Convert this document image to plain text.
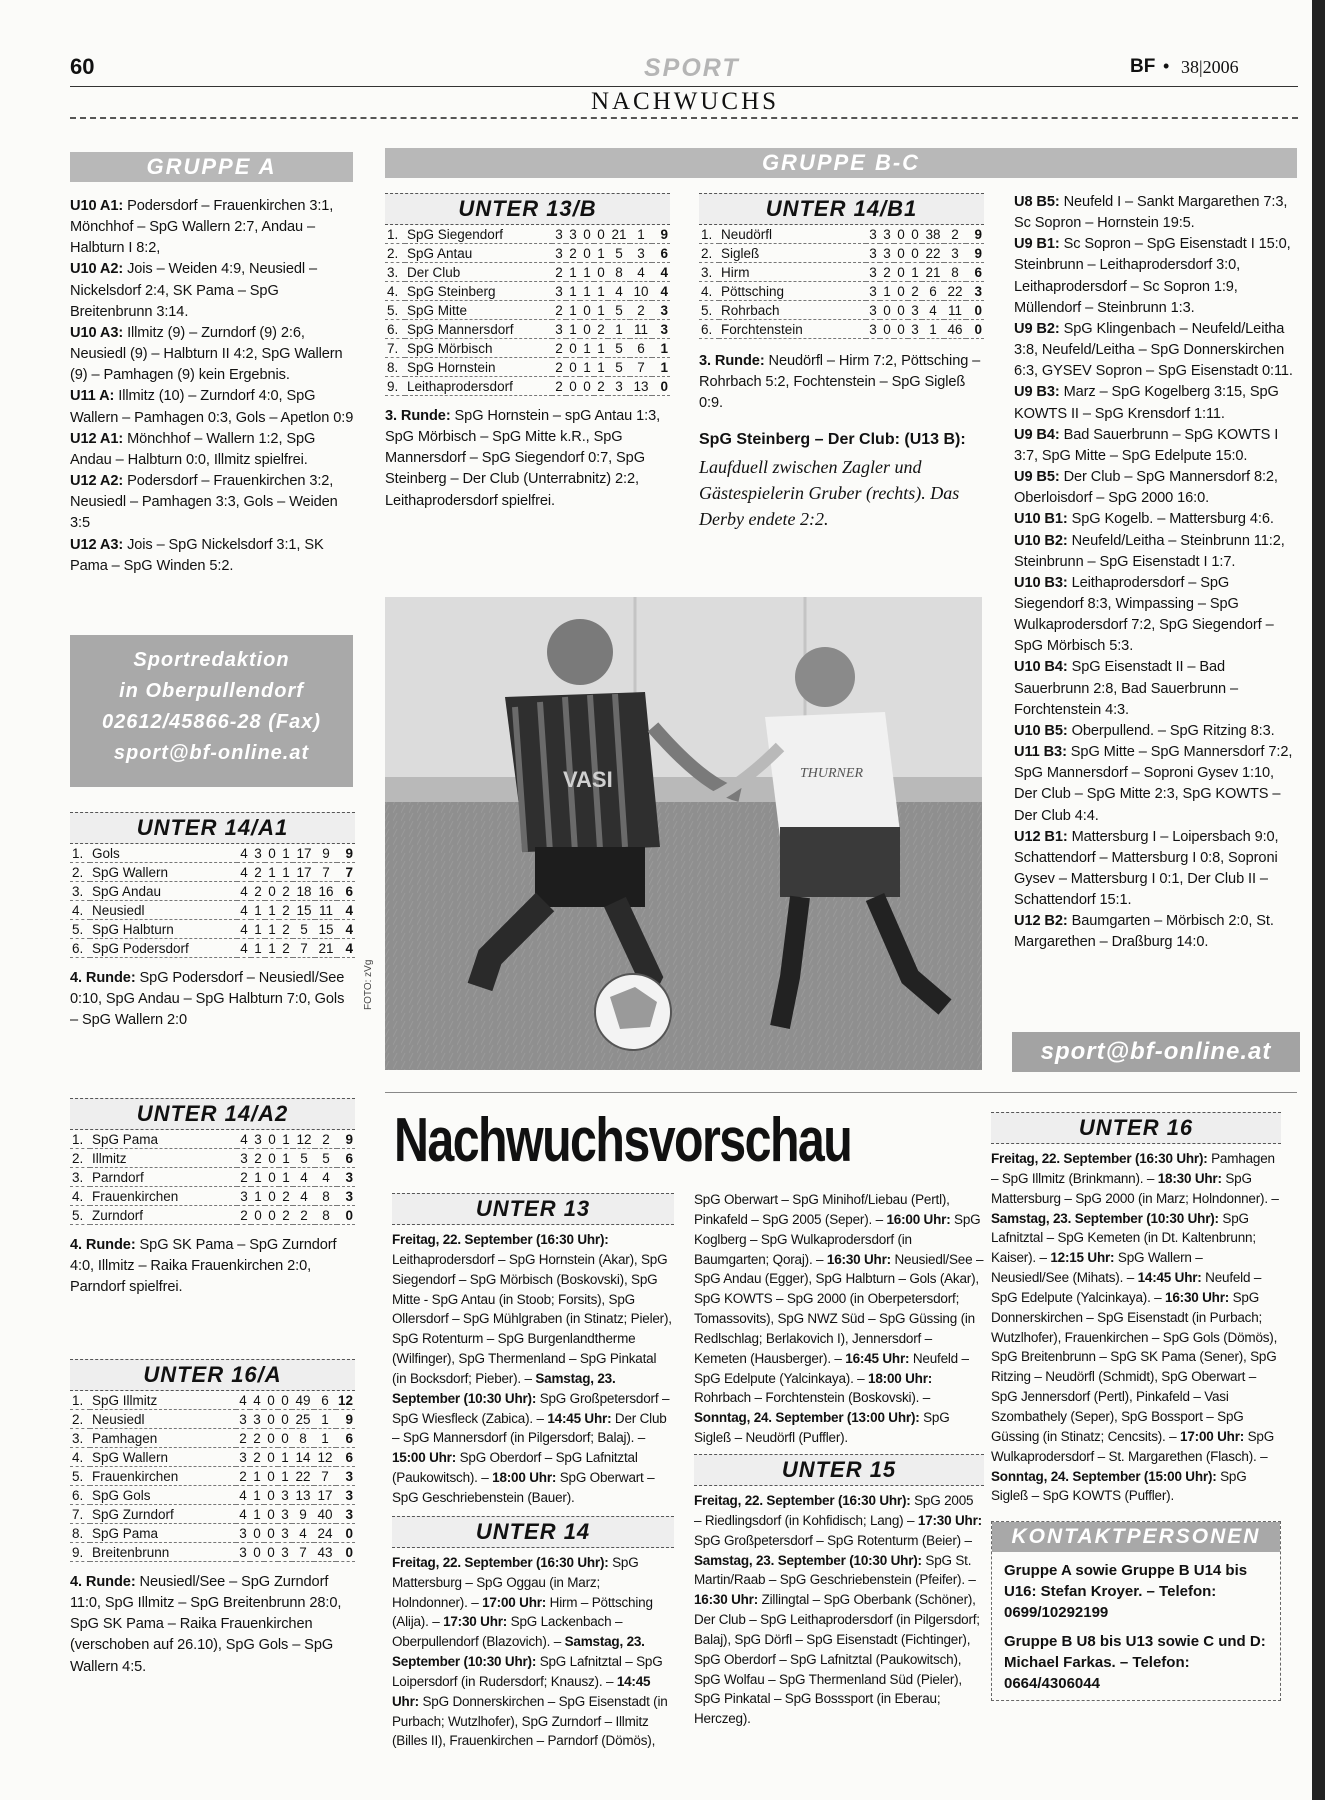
60	SPORT	BF • 38|2006
NACHWUCHS
GRUPPE A

U10 A1: Podersdorf – Frauenkirchen 3:1, Mönchhof – SpG Wallern 2:7, Andau – Halbturn I 8:2,

U10 A2: Jois – Weiden 4:9, Neusiedl – Nickelsdorf 2:4, SK Pama – SpG Breitenbrunn 3:14.

U10 A3: Illmitz (9) – Zurndorf (9) 2:6, Neusiedl (9) – Halbturn II 4:2, SpG Wallern (9) – Pamhagen (9) kein Ergebnis.

U11 A: Illmitz (10) – Zurndorf 4:0, SpG Wallern – Pamhagen 0:3, Gols – Apetlon 0:9

U12 A1: Mönchhof – Wallern 1:2, SpG Andau – Halbturn 0:0, Illmitz spielfrei.

U12 A2: Podersdorf – Frauenkirchen 3:2, Neusiedl – Pamhagen 3:3, Gols – Weiden 3:5

U12 A3: Jois – SpG Nickelsdorf 3:1, SK Pama – SpG Winden 5:2.

Sportredaktion
in Oberpullendorf
02612/45866-28 (Fax)
sport@bf-online.at
UNTER 14/A1
1.	Gols	4	3	0	1	17	9	9
2.	SpG Wallern	4	2	1	1	17	7	7
3.	SpG Andau	4	2	0	2	18	16	6
4.	Neusiedl	4	1	1	2	15	11	4
5.	SpG Halbturn	4	1	1	2	5	15	4
6.	SpG Podersdorf	4	1	1	2	7	21	4
4. Runde: SpG Podersdorf – Neusiedl/See 0:10, SpG Andau – SpG Halbturn 7:0, Gols – SpG Wallern 2:0
UNTER 14/A2
1.	SpG Pama	4	3	0	1	12	2	9
2.	Illmitz	3	2	0	1	5	5	6
3.	Parndorf	2	1	0	1	4	4	3
4.	Frauenkirchen	3	1	0	2	4	8	3
5.	Zurndorf	2	0	0	2	2	8	0
4. Runde: SpG SK Pama – SpG Zurndorf 4:0, Illmitz – Raika Frauenkirchen 2:0, Parndorf spielfrei.
UNTER 16/A
1.	SpG Illmitz	4	4	0	0	49	6	12
2.	Neusiedl	3	3	0	0	25	1	9
3.	Pamhagen	2	2	0	0	8	1	6
4.	SpG Wallern	3	2	0	1	14	12	6
5.	Frauenkirchen	2	1	0	1	22	7	3
6.	SpG Gols	4	1	0	3	13	17	3
7.	SpG Zurndorf	4	1	0	3	9	40	3
8.	SpG Pama	3	0	0	3	4	24	0
9.	Breitenbrunn	3	0	0	3	7	43	0
4. Runde: Neusiedl/See – SpG Zurndorf 11:0, SpG Illmitz – SpG Breitenbrunn 28:0, SpG SK Pama – Raika Frauenkirchen (verschoben auf 26.10), SpG Gols – SpG Wallern 4:5.
GRUPPE B-C
UNTER 13/B
1.	SpG Siegendorf	3	3	0	0	21	1	9
2.	SpG Antau	3	2	0	1	5	3	6
3.	Der Club	2	1	1	0	8	4	4
4.	SpG Steinberg	3	1	1	1	4	10	4
5.	SpG Mitte	2	1	0	1	5	2	3
6.	SpG Mannersdorf	3	1	0	2	1	11	3
7.	SpG Mörbisch	2	0	1	1	5	6	1
8.	SpG Hornstein	2	0	1	1	5	7	1
9.	Leithaprodersdorf	2	0	0	2	3	13	0
3. Runde: SpG Hornstein – spG Antau 1:3, SpG Mörbisch – SpG Mitte k.R., SpG Mannersdorf – SpG Siegendorf 0:7, SpG Steinberg – Der Club (Unterrabnitz) 2:2, Leithaprodersdorf spielfrei.
UNTER 14/B1
1.	Neudörfl	3	3	0	0	38	2	9
2.	Sigleß	3	3	0	0	22	3	9
3.	Hirm	3	2	0	1	21	8	6
4.	Pöttsching	3	1	0	2	6	22	3
5.	Rohrbach	3	0	0	3	4	11	0
6.	Forchtenstein	3	0	0	3	1	46	0
3. Runde: Neudörfl – Hirm 7:2, Pöttsching – Rohrbach 5:2, Fochtenstein – SpG Sigleß 0:9.
SpG Steinberg – Der Club: (U13 B):
Laufduell zwischen Zagler und Gästespielerin Gruber (rechts). Das Derby endete 2:2.
VASI	THURNER
FOTO: zVg

U8 B5: Neufeld I – Sankt Margarethen 7:3, Sc Sopron – Hornstein 19:5.

U9 B1: Sc Sopron – SpG Eisenstadt I 15:0, Steinbrunn – Leithaprodersdorf 3:0, Leithaprodersdorf – Sc Sopron 1:9, Müllendorf – Steinbrunn 1:3.

U9 B2: SpG Klingenbach – Neufeld/Leitha 3:8, Neufeld/Leitha – SpG Donnerskirchen 6:3, GYSEV Sopron – SpG Eisenstadt 0:11.

U9 B3: Marz – SpG Kogelberg 3:15, SpG KOWTS II – SpG Krensdorf 1:11.

U9 B4: Bad Sauerbrunn – SpG KOWTS I 3:7, SpG Mitte – SpG Edelpute 15:0.

U9 B5: Der Club – SpG Mannersdorf 8:2, Oberloisdorf – SpG 2000 16:0.

U10 B1: SpG Kogelb. – Mattersburg 4:6.

U10 B2: Neufeld/Leitha – Steinbrunn 11:2, Steinbrunn – SpG Eisenstadt I 1:7.

U10 B3: Leithaprodersdorf – SpG Siegendorf 8:3, Wimpassing – SpG Wulkaprodersdorf 7:2, SpG Siegendorf – SpG Mörbisch 5:3.

U10 B4: SpG Eisenstadt II – Bad Sauerbrunn 2:8, Bad Sauerbrunn – Forchtenstein 4:3.

U10 B5: Oberpullend. – SpG Ritzing 8:3.

U11 B3: SpG Mitte – SpG Mannersdorf 7:2, SpG Mannersdorf – Soproni Gysev 1:10, Der Club – SpG Mitte 2:3, SpG KOWTS – Der Club 4:4.

U12 B1: Mattersburg I – Loipersbach 9:0, Schattendorf – Mattersburg I 0:8, Soproni Gysev – Mattersburg I 0:1, Der Club II – Schattendorf 15:1.

U12 B2: Baumgarten – Mörbisch 2:0, St. Margarethen – Draßburg 14:0.

sport@bf-online.at
Nachwuchsvorschau
UNTER 13
Freitag, 22. September (16:30 Uhr): Leithaprodersdorf – SpG Hornstein (Akar), SpG Siegendorf – SpG Mörbisch (Boskovski), SpG Mitte - SpG Antau (in Stoob; Forsits), SpG Ollersdorf – SpG Mühlgraben (in Stinatz; Pieler), SpG Rotenturm – SpG Burgenlandtherme (Wilfinger), SpG Thermenland – SpG Pinkatal (in Bocksdorf; Pieber). – Samstag, 23. September (10:30 Uhr): SpG Großpetersdorf – SpG Wiesfleck (Zabica). – 14:45 Uhr: Der Club – SpG Mannersdorf (in Pilgersdorf; Balaj). – 15:00 Uhr: SpG Oberdorf – SpG Lafnitztal (Paukowitsch). – 18:00 Uhr: SpG Oberwart – SpG Geschriebenstein (Bauer).
UNTER 14
Freitag, 22. September (16:30 Uhr): SpG Mattersburg – SpG Oggau (in Marz; Holndonner). – 17:00 Uhr: Hirm – Pöttsching (Alija). – 17:30 Uhr: SpG Lackenbach – Oberpullendorf (Blazovich). – Samstag, 23. September (10:30 Uhr): SpG Lafnitztal – SpG Loipersdorf (in Rudersdorf; Knausz). – 14:45 Uhr: SpG Donnerskirchen – SpG Eisenstadt (in Purbach; Wutzlhofer), SpG Zurndorf – Illmitz (Billes II), Frauenkirchen – Parndorf (Dömös),
SpG Oberwart – SpG Minihof/Liebau (Pertl), Pinkafeld – SpG 2005 (Seper). – 16:00 Uhr: SpG Koglberg – SpG Wulkaprodersdorf (in Baumgarten; Qoraj). – 16:30 Uhr: Neusiedl/See – SpG Andau (Egger), SpG Halbturn – Gols (Akar), SpG KOWTS – SpG 2000 (in Oberpetersdorf; Tomassovits), SpG NWZ Süd – SpG Güssing (in Redlschlag; Berlakovich I), Jennersdorf – Kemeten (Hausberger). – 16:45 Uhr: Neufeld – SpG Edelpute (Yalcinkaya). – 18:00 Uhr: Rohrbach – Forchtenstein (Boskovski). – Sonntag, 24. September (13:00 Uhr): SpG Sigleß – Neudörfl (Puffler).
UNTER 15
Freitag, 22. September (16:30 Uhr): SpG 2005 – Riedlingsdorf (in Kohfidisch; Lang) – 17:30 Uhr: SpG Großpetersdorf – SpG Rotenturm (Beier) – Samstag, 23. September (10:30 Uhr): SpG St. Martin/Raab – SpG Geschriebenstein (Pfeifer). – 16:30 Uhr: Zillingtal – SpG Oberbank (Schöner), Der Club – SpG Leithaprodersdorf (in Pilgersdorf; Balaj), SpG Dörfl – SpG Eisenstadt (Fichtinger), SpG Oberdorf – SpG Lafnitztal (Paukowitsch), SpG Wolfau – SpG Thermenland Süd (Pieler), SpG Pinkatal – SpG Bosssport (in Eberau; Herczeg).
UNTER 16
Freitag, 22. September (16:30 Uhr): Pamhagen – SpG Illmitz (Brinkmann). – 18:30 Uhr: SpG Mattersburg – SpG 2000 (in Marz; Holndonner). – Samstag, 23. September (10:30 Uhr): SpG Lafnitztal – SpG Kemeten (in Dt. Kaltenbrunn; Kaiser). – 12:15 Uhr: SpG Wallern – Neusiedl/See (Mihats). – 14:45 Uhr: Neufeld – SpG Edelpute (Yalcinkaya). – 16:30 Uhr: SpG Donnerskirchen – SpG Eisenstadt (in Purbach; Wutzlhofer), Frauenkirchen – SpG Gols (Dömös), SpG Breitenbrunn – SpG SK Pama (Sener), SpG Ritzing – Neudörfl (Schmidt), SpG Oberwart – SpG Jennersdorf (Pertl), Pinkafeld – Vasi Szombathely (Seper), SpG Bossport – SpG Güssing (in Stinatz; Cencsits). – 17:00 Uhr: SpG Wulkaprodersdorf – St. Margarethen (Flasch). – Sonntag, 24. September (15:00 Uhr): SpG Sigleß – SpG KOWTS (Puffler).
KONTAKTPERSONEN
Gruppe A sowie Gruppe B U14 bis U16: Stefan Kroyer. – Telefon: 0699/10292199
Gruppe B U8 bis U13 sowie C und D: Michael Farkas. – Telefon: 0664/4306044
